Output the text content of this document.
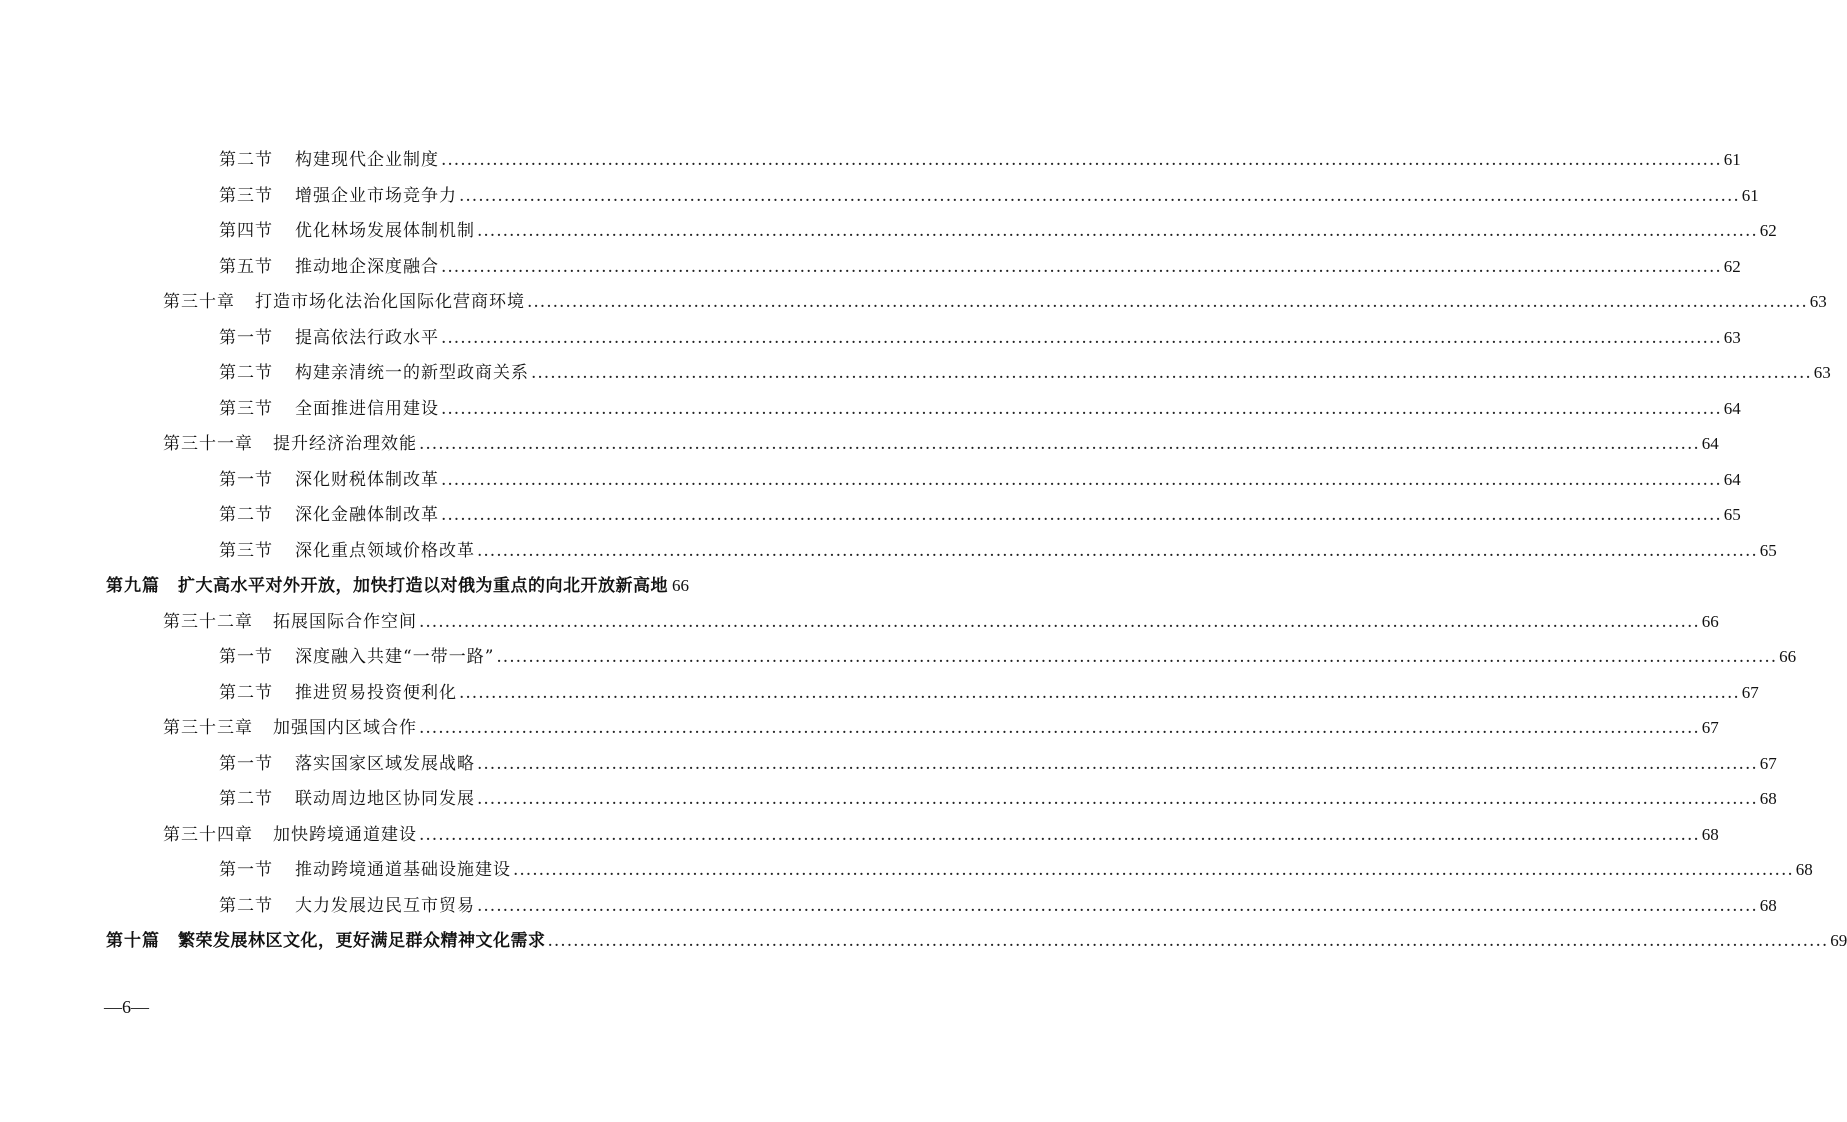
第二节 构建现代企业制度 .....	61
第三节 增强企业市场竞争力 .....	61
第四节 优化林场发展体制机制 .....	62
第五节 推动地企深度融合 .....	62
第三十章 打造市场化法治化国际化营商环境 .....	63
第一节 提高依法行政水平 .....	63
第二节 构建亲清统一的新型政商关系 .....	63
第三节 全面推进信用建设 .....	64
第三十一章 提升经济治理效能 .....	64
第一节 深化财税体制改革 .....	64
第二节 深化金融体制改革 .....	65
第三节 深化重点领域价格改革 .....	65
第九篇 扩大高水平对外开放，加快打造以对俄为重点的向北开放新高地 66
第三十二章 拓展国际合作空间 .....	66
第一节 深度融入共建“一带一路” .....	66
第二节 推进贸易投资便利化 .....	67
第三十三章 加强国内区域合作 .....	67
第一节 落实国家区域发展战略 .....	67
第二节 联动周边地区协同发展 .....	68
第三十四章 加快跨境通道建设 .....	68
第一节 推动跨境通道基础设施建设 .....	68
第二节 大力发展边民互市贸易 .....	68
第十篇 繁荣发展林区文化，更好满足群众精神文化需求 .....	69
—6—
